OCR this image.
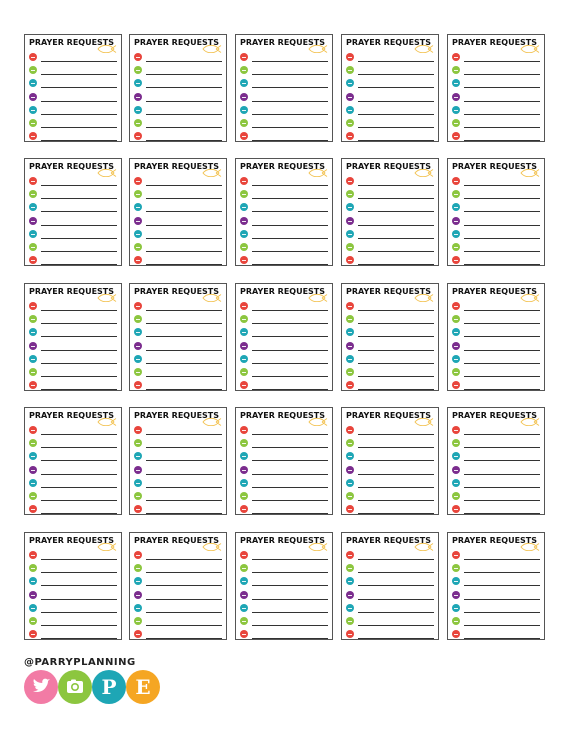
PRAYER REQUESTS PRAYER REQUESTS	PRAYER REQUESTS	PRAYER REQUESTS	PRAYER REQUESTS
PRAYER REQUESTS PRAYER REQUESTS	PRAYER REQUESTS	PRAYER REQUESTS	PRAYER REQUESTS
PRAYER REQUESTS PRAYER REQUESTS	PRAYER REQUESTS	PRAYER REQUESTS	PRAYER REQUESTS
PRAYER REQUESTS PRAYER REQUESTS	PRAYER REQUESTS	PRAYER REQUESTS	PRAYER REQUESTS
PRAYER REQUESTS PRAYER REQUESTS	PRAYER REQUESTS	PRAYER REQUESTS	PRAYER REQUESTS
@PARRYPLANNING
P E
